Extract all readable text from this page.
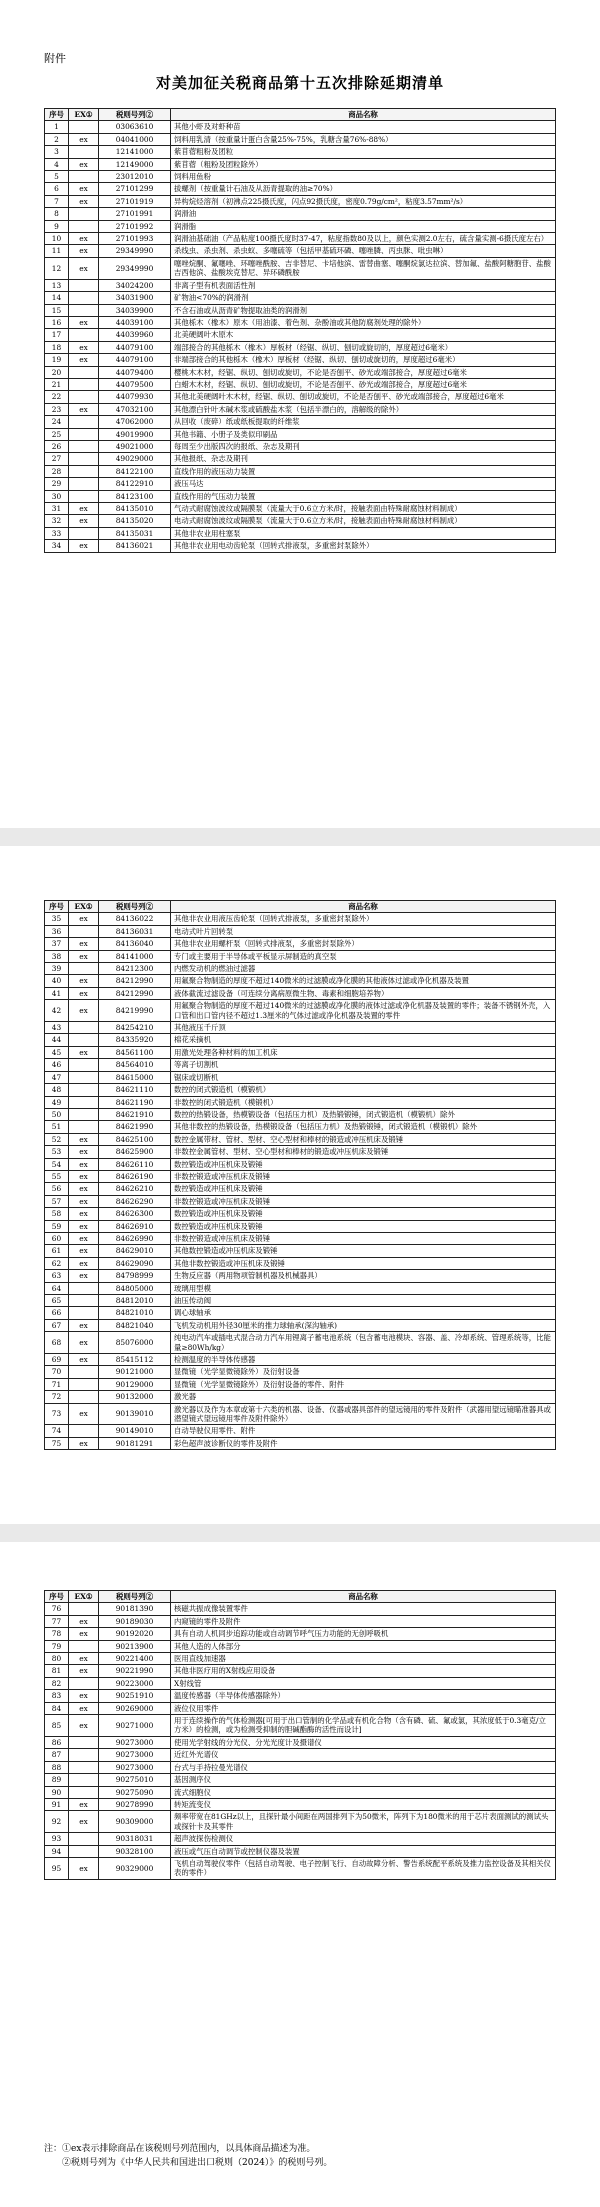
附件
对美加征关税商品第十五次排除延期清单
序号	EX①	税则号列②	商品名称
1		03063610	其他小虾及对虾种苗
2	ex	04041000	饲料用乳清（按重量计蛋白含量25%-75%，乳糖含量76%-88%）
3		12141000	紫苜蓿粗粉及团粒
4	ex	12149000	紫苜蓿（粗粉及团粒除外）
5		23012010	饲料用鱼粉
6	ex	27101299	拔螺剂（按重量计石油及从沥青提取的油≥70%）
7	ex	27101919	异构烷烃溶剂（初沸点225摄氏度，闪点92摄氏度，密度0.79g/cm²，粘度3.57mm²/s）
8		27101991	润滑油
9		27101992	润滑脂
10	ex	27101993	润滑油基础油（产品粘度100摄氏度时37-47，粘度指数80及以上，颜色实测2.0左右，硫含量实测-6摄氏度左右）
11	ex	29349990	杀线虫、杀虫剂、杀虫蚁、多噻硫等（包括甲基硫环磷、噻唑膦、丙虫脒、吡虫啉）
12	ex	29349990	噻唑烷酮、氟噻唑、环噻唑酰胺、吉非替尼、卡培他滨、雷替曲塞、噻酮烷氯达拉滨、替加氟、盐酸阿糖胞苷、盐酸吉西他滨、盐酸埃克替尼、异环磷酰胺
13		34024200	非离子型有机表面活性剂
14		34031900	矿物油<70%的润滑剂
15		34039900	不含石油或从沥青矿物提取油类的润滑剂
16	ex	44039100	其他栎木（橡木）原木（用油漆、着色剂、杂酚油或其他防腐剂处理的除外）
17		44039960	北美硬阔叶木原木
18	ex	44079100	端部接合的其他栎木（橡木）厚板材（经锯、纵切、刨切或旋切的，厚度超过6毫米）
19	ex	44079100	非端部接合的其他栎木（橡木）厚板材（经锯、纵切、刨切或旋切的，厚度超过6毫米）
20		44079400	樱桃木木材，经锯、纵切、刨切或旋切，不论是否刨平、砂光或端部接合，厚度超过6毫米
21		44079500	白蜡木木材，经锯、纵切、刨切或旋切，不论是否刨平、砂光或端部接合，厚度超过6毫米
22		44079930	其他北美硬阔叶木木材，经锯、纵切、刨切或旋切，不论是否刨平、砂光或端部接合，厚度超过6毫米
23	ex	47032100	其他漂白针叶木碱木浆或硫酸盐木浆（包括半漂白的，溶解级的除外）
24		47062000	从回收（废碎）纸或纸板提取的纤维浆
25		49019900	其他书籍、小册子及类似印刷品
26		49021000	每周至少出版四次的报纸、杂志及期刊
27		49029000	其他报纸、杂志及期刊
28		84122100	直线作用的液压动力装置
29		84122910	液压马达
30		84123100	直线作用的气压动力装置
31	ex	84135010	气动式耐腐蚀波纹或隔膜泵（流量大于0.6立方米/时，接触表面由特殊耐腐蚀材料制成）
32	ex	84135020	电动式耐腐蚀波纹或隔膜泵（流量大于0.6立方米/时，接触表面由特殊耐腐蚀材料制成）
33		84135031	其他非农业用柱塞泵
34	ex	84136021	其他非农业用电动齿轮泵（回转式排液泵，多重密封泵除外）
序号	EX①	税则号列②	商品名称
35	ex	84136022	其他非农业用液压齿轮泵（回转式排液泵，多重密封泵除外）
36		84136031	电动式叶片回转泵
37	ex	84136040	其他非农业用螺杆泵（回转式排液泵，多重密封泵除外）
38	ex	84141000	专门或主要用于半导体或平板显示屏制造的真空泵
39		84212300	内燃发动机的燃油过滤器
40	ex	84212990	用氟聚合物制造的厚度不超过140微米的过滤膜或净化膜的其他液体过滤或净化机器及装置
41	ex	84212990	液体截流过滤设备（可连续分离病原微生物、毒素和细胞培养物）
42	ex	84219990	用氟聚合物制造的厚度不超过140微米的过滤膜或净化膜的液体过滤或净化机器及装置的零件；装备不锈钢外壳，入口管和出口管内径不超过1.3厘米的气体过滤或净化机器及装置的零件
43		84254210	其他液压千斤顶
44		84335920	棉花采摘机
45	ex	84561100	用激光处理各种材料的加工机床
46		84564010	等离子切割机
47		84615000	锯床或切断机
48		84621110	数控的闭式锻造机（模锻机）
49		84621190	非数控的闭式锻造机（模锻机）
50		84621910	数控的热锻设备，热模锻设备（包括压力机）及热锻锻锤，闭式锻造机（模锻机）除外
51		84621990	其他非数控的热锻设备，热模锻设备（包括压力机）及热锻锻锤，闭式锻造机（模锻机）除外
52	ex	84625100	数控金属带材、管材、型材、空心型材和棒材的锻造或冲压机床及锻锤
53	ex	84625900	非数控金属管材、型材、空心型材和棒材的锻造或冲压机床及锻锤
54	ex	84626110	数控锻造或冲压机床及锻锤
55	ex	84626190	非数控锻造或冲压机床及锻锤
56	ex	84626210	数控锻造或冲压机床及锻锤
57	ex	84626290	非数控锻造或冲压机床及锻锤
58	ex	84626300	数控锻造或冲压机床及锻锤
59	ex	84626910	数控锻造或冲压机床及锻锤
60	ex	84626990	非数控锻造或冲压机床及锻锤
61	ex	84629010	其他数控锻造或冲压机床及锻锤
62	ex	84629090	其他非数控锻造或冲压机床及锻锤
63	ex	84798999	生物反应器（两用物项管制机器及机械器具）
64		84805000	玻璃用型模
65		84812010	油压传动阀
66		84821010	调心球轴承
67	ex	84821040	飞机发动机用外径30厘米的推力球轴承(深沟轴承)
68	ex	85076000	纯电动汽车或插电式混合动力汽车用锂离子蓄电池系统（包含蓄电池模块、容器、盖、冷却系统、管理系统等，比能量≥80Wh/kg）
69	ex	85415112	检测温度的半导体传感器
70		90121000	显微镜（光学显微镜除外）及衍射设备
71		90129000	显微镜（光学显微镜除外）及衍射设备的零件、附件
72		90132000	激光器
73	ex	90139010	激光器以及作为本章或第十六类的机器、设备、仪器或器具部件的望远镜用的零件及附件（武器用望远镜瞄准器具或潜望镜式望远镜用零件及附件除外）
74		90149010	自动导驶仪用零件、附件
75	ex	90181291	彩色超声波诊断仪的零件及附件
序号	EX①	税则号列②	商品名称
76		90181390	核磁共振成像装置零件
77	ex	90189030	内窥镜的零件及附件
78	ex	90192020	具有自动人机同步追踪功能或自动调节呼气压力功能的无创呼吸机
79		90213900	其他人造的人体部分
80	ex	90221400	医用直线加速器
81	ex	90221990	其他非医疗用的X射线应用设备
82		90223000	X射线管
83	ex	90251910	温度传感器（半导体传感器除外）
84	ex	90269000	液位仪用零件
85	ex	90271000	用于连续操作的气体检测器[可用于出口管制的化学品或有机化合物（含有磷、硫、氟或氯，其浓度低于0.3毫克/立方米）的检测，或为检测受抑制的胆碱酯酶的活性而设计]
86		90273000	使用光学射线的分光仪、分光光度计及摄谱仪
87		90273000	近红外光谱仪
88		90273000	台式与手持拉曼光谱仪
89		90275010	基因测序仪
90		90275090	流式细胞仪
91	ex	90278990	转矩流变仪
92	ex	90309000	频率带宽在81GHz以上，且探针最小间距在两国排列下为50微米，阵列下为180微米的用于芯片表面测试的测试头或探针卡及其零件
93		90318031	超声波探伤检测仪
94		90328100	液压或气压自动调节或控制仪器及装置
95	ex	90329000	飞机自动驾驶仪零件（包括自动驾驶、电子控制飞行、自动故障分析、警告系统配平系统及推力监控设备及其相关仪表的零件）
注：①ex表示排除商品在该税则号列范围内，以具体商品描述为准。
　　②税则号列为《中华人民共和国进出口税则（2024）》的税则号列。
